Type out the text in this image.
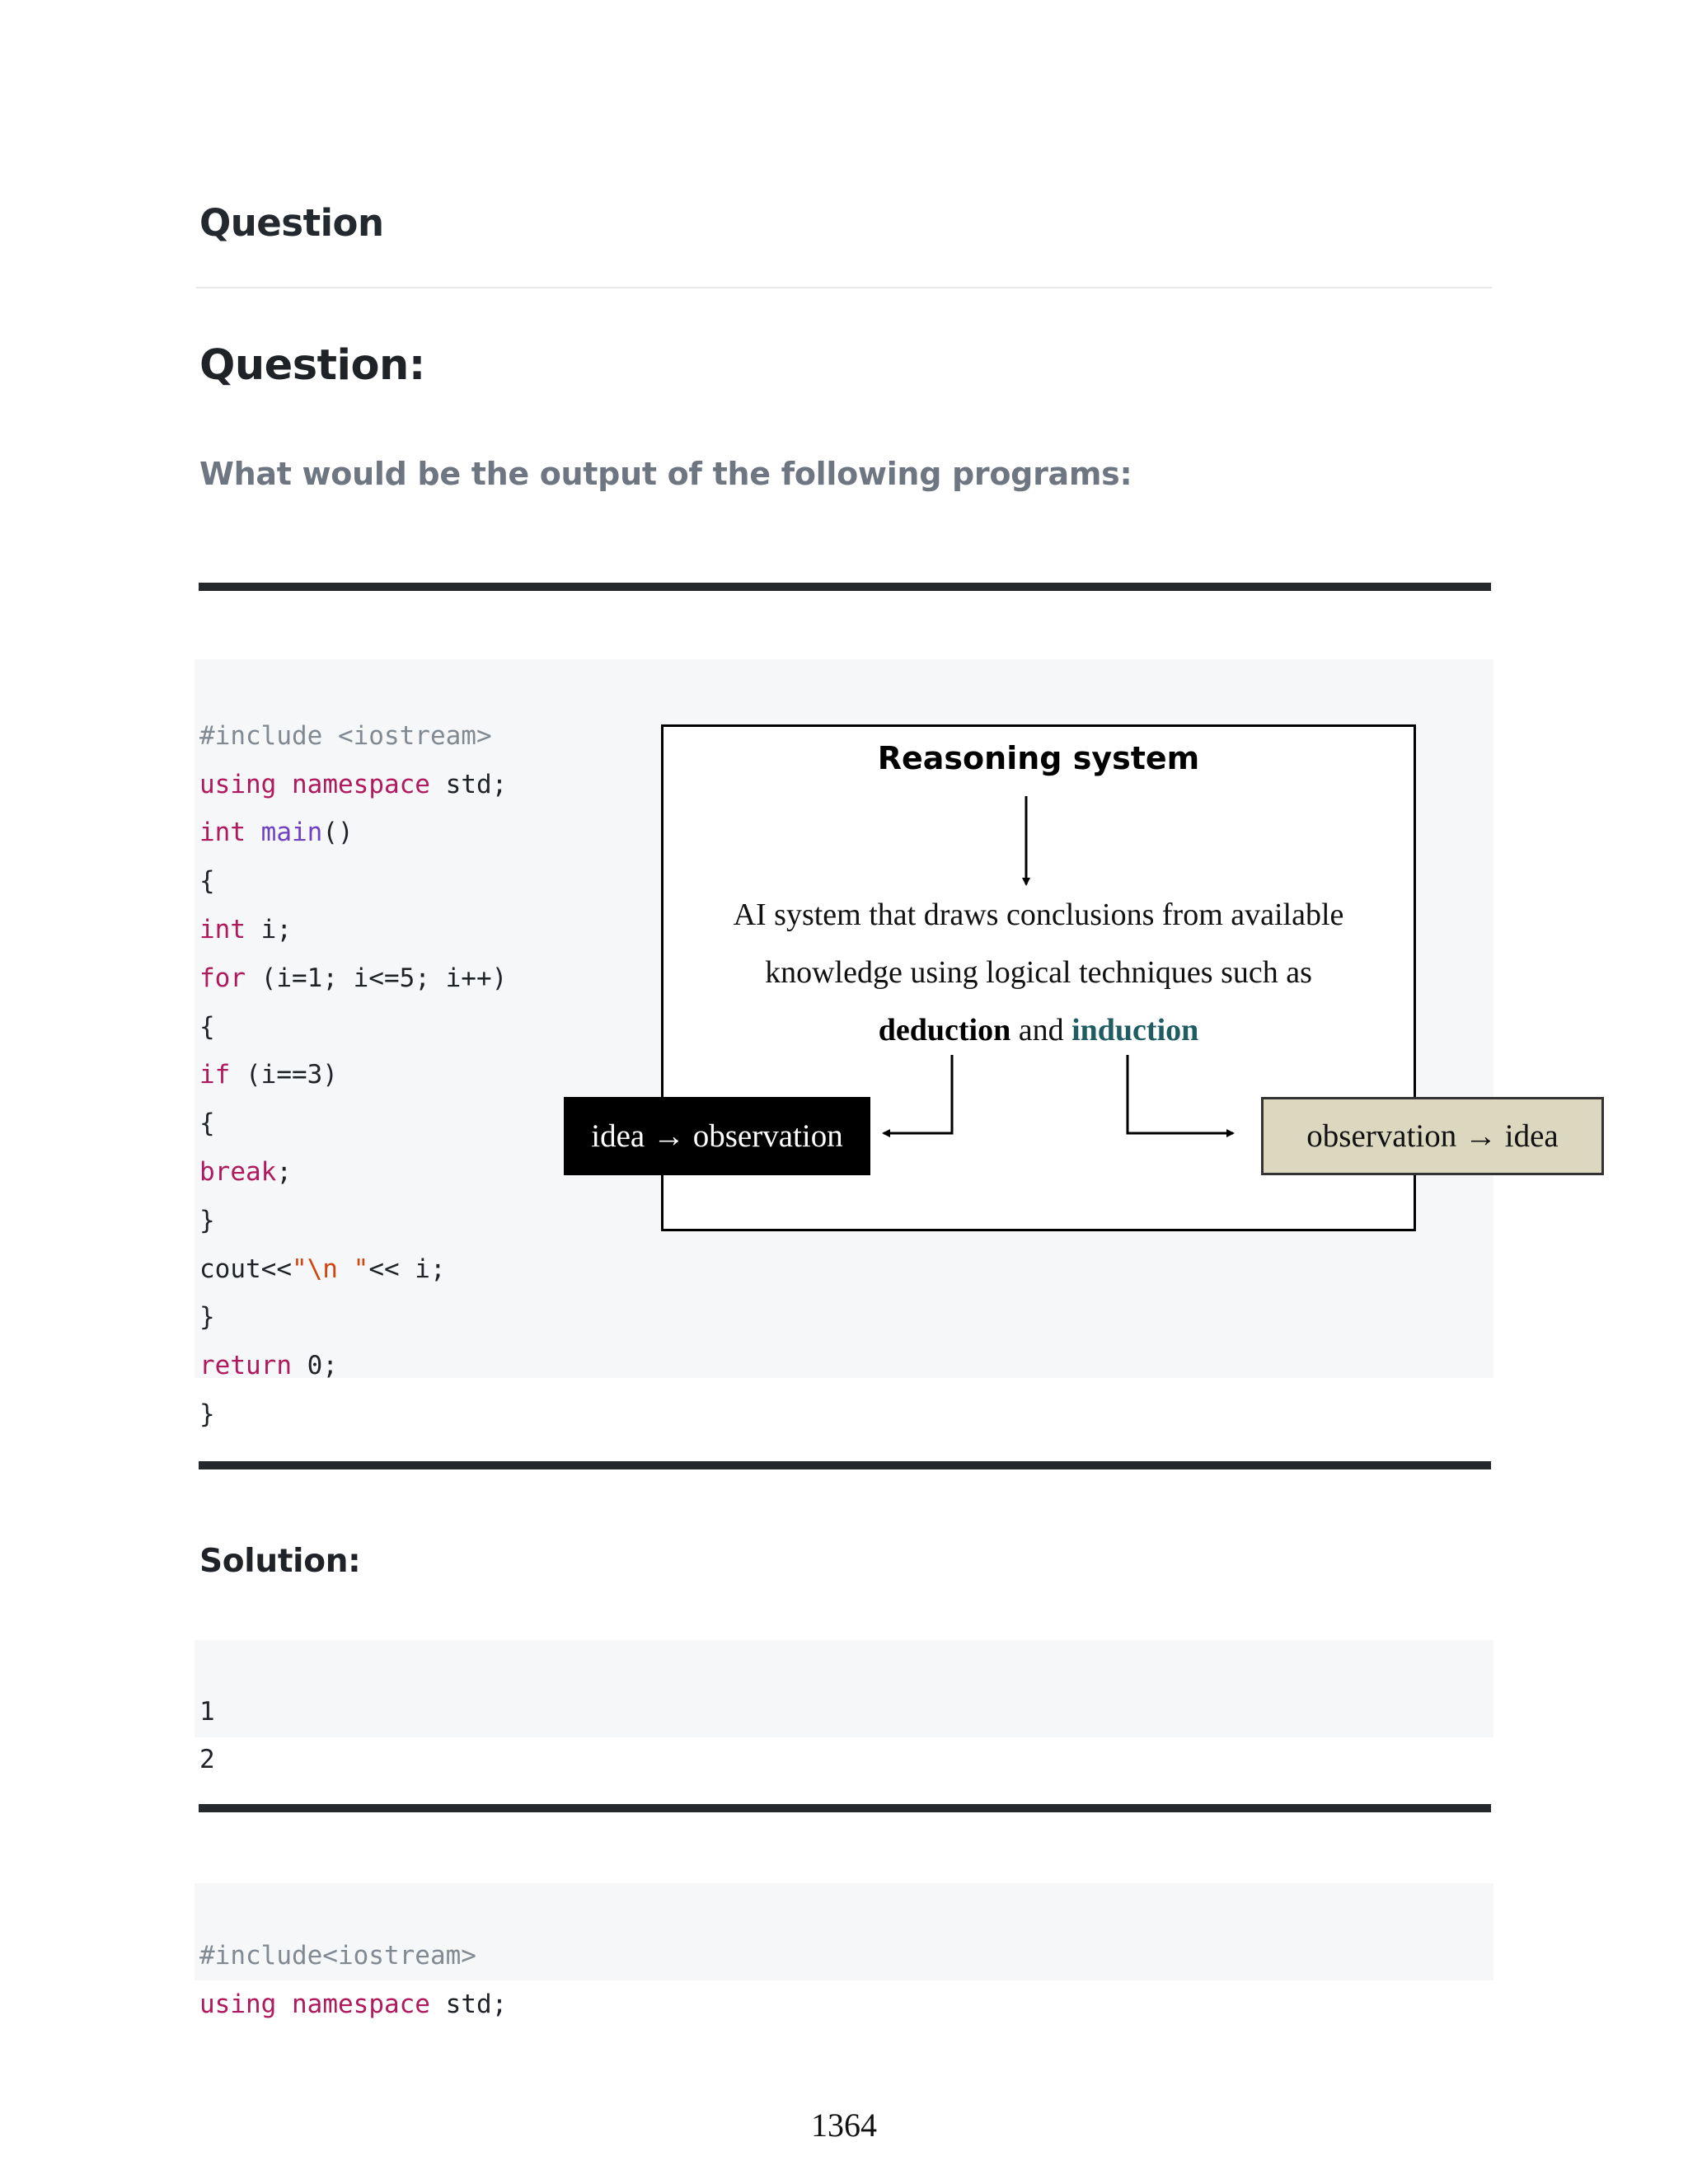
Question
Question:
What would be the output of the following programs:

#include <iostream>
using namespace std;
int main()
{
int i;
for (i=1; i<=5; i++)
{
if (i==3)
{
break;
}
cout<<"\n "<< i;
}
return 0;
}

Reasoning system
AI system that draws conclusions from available
knowledge using logical techniques such as
deduction and induction
idea → observation	observation → idea
Solution:

1
2

#include<iostream>
using namespace std;

1364
